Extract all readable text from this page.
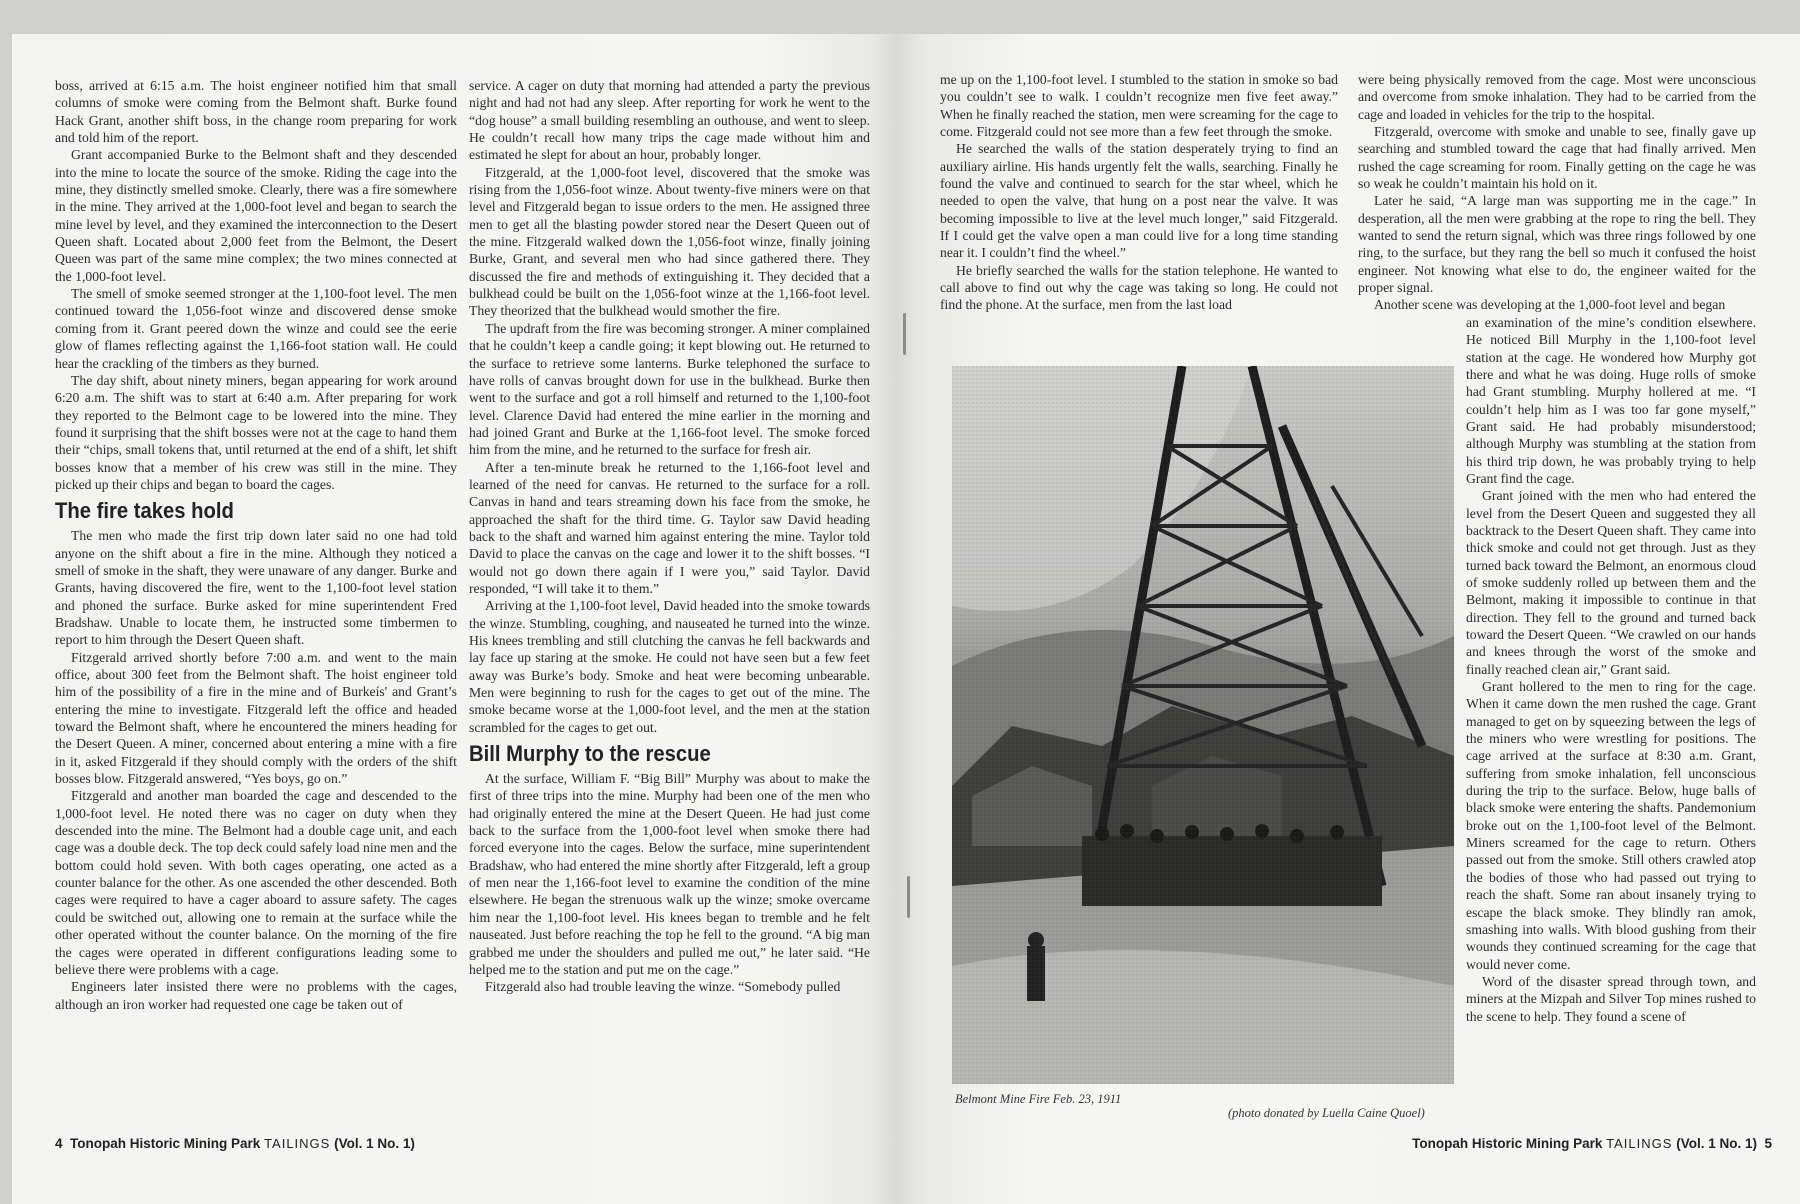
boss, arrived at 6:15 a.m. The hoist engineer notified him that small columns of smoke were coming from the Belmont shaft. Burke found Hack Grant, another shift boss, in the change room preparing for work and told him of the report.

Grant accompanied Burke to the Belmont shaft and they descended into the mine to locate the source of the smoke. Riding the cage into the mine, they distinctly smelled smoke. Clearly, there was a fire somewhere in the mine. They arrived at the 1,000-foot level and began to search the mine level by level, and they examined the interconnection to the Desert Queen shaft. Located about 2,000 feet from the Belmont, the Desert Queen was part of the same mine complex; the two mines connected at the 1,000-foot level.

The smell of smoke seemed stronger at the 1,100-foot level. The men continued toward the 1,056-foot winze and discovered dense smoke coming from it. Grant peered down the winze and could see the eerie glow of flames reflecting against the 1,166-foot station wall. He could hear the crackling of the timbers as they burned.

The day shift, about ninety miners, began appearing for work around 6:20 a.m. The shift was to start at 6:40 a.m. After preparing for work they reported to the Belmont cage to be lowered into the mine. They found it surprising that the shift bosses were not at the cage to hand them their “chips, small tokens that, until returned at the end of a shift, let shift bosses know that a member of his crew was still in the mine. They picked up their chips and began to board the cages.

The fire takes hold

The men who made the first trip down later said no one had told anyone on the shift about a fire in the mine. Although they noticed a smell of smoke in the shaft, they were unaware of any danger. Burke and Grants, having discovered the fire, went to the 1,100-foot level station and phoned the surface. Burke asked for mine superintendent Fred Bradshaw. Unable to locate them, he instructed some timbermen to report to him through the Desert Queen shaft.

Fitzgerald arrived shortly before 7:00 a.m. and went to the main office, about 300 feet from the Belmont shaft. The hoist engineer told him of the possibility of a fire in the mine and of Burkeís' and Grant’s entering the mine to investigate. Fitzgerald left the office and headed toward the Belmont shaft, where he encountered the miners heading for the Desert Queen. A miner, concerned about entering a mine with a fire in it, asked Fitzgerald if they should comply with the orders of the shift bosses blow. Fitzgerald answered, “Yes boys, go on.”

Fitzgerald and another man boarded the cage and descended to the 1,000-foot level. He noted there was no cager on duty when they descended into the mine. The Belmont had a double cage unit, and each cage was a double deck. The top deck could safely load nine men and the bottom could hold seven. With both cages operating, one acted as a counter balance for the other. As one ascended the other descended. Both cages were required to have a cager aboard to assure safety. The cages could be switched out, allowing one to remain at the surface while the other operated without the counter balance. On the morning of the fire the cages were operated in different configurations leading some to believe there were problems with a cage.

Engineers later insisted there were no problems with the cages, although an iron worker had requested one cage be taken out of

service. A cager on duty that morning had attended a party the previous night and had not had any sleep. After reporting for work he went to the “dog house” a small building resembling an outhouse, and went to sleep. He couldn’t recall how many trips the cage made without him and estimated he slept for about an hour, probably longer.

Fitzgerald, at the 1,000-foot level, discovered that the smoke was rising from the 1,056-foot winze. About twenty-five miners were on that level and Fitzgerald began to issue orders to the men. He assigned three men to get all the blasting powder stored near the Desert Queen out of the mine. Fitzgerald walked down the 1,056-foot winze, finally joining Burke, Grant, and several men who had since gathered there. They discussed the fire and methods of extinguishing it. They decided that a bulkhead could be built on the 1,056-foot winze at the 1,166-foot level. They theorized that the bulkhead would smother the fire.

The updraft from the fire was becoming stronger. A miner complained that he couldn’t keep a candle going; it kept blowing out. He returned to the surface to retrieve some lanterns. Burke telephoned the surface to have rolls of canvas brought down for use in the bulkhead. Burke then went to the surface and got a roll himself and returned to the 1,100-foot level. Clarence David had entered the mine earlier in the morning and had joined Grant and Burke at the 1,166-foot level. The smoke forced him from the mine, and he returned to the surface for fresh air.

After a ten-minute break he returned to the 1,166-foot level and learned of the need for canvas. He returned to the surface for a roll. Canvas in hand and tears streaming down his face from the smoke, he approached the shaft for the third time. G. Taylor saw David heading back to the shaft and warned him against entering the mine. Taylor told David to place the canvas on the cage and lower it to the shift bosses. “I would not go down there again if I were you,” said Taylor. David responded, “I will take it to them.”

Arriving at the 1,100-foot level, David headed into the smoke towards the winze. Stumbling, coughing, and nauseated he turned into the winze. His knees trembling and still clutching the canvas he fell backwards and lay face up staring at the smoke. He could not have seen but a few feet away was Burke’s body. Smoke and heat were becoming unbearable. Men were beginning to rush for the cages to get out of the mine. The smoke became worse at the 1,000-foot level, and the men at the station scrambled for the cages to get out.

Bill Murphy to the rescue

At the surface, William F. “Big Bill” Murphy was about to make the first of three trips into the mine. Murphy had been one of the men who had originally entered the mine at the Desert Queen. He had just come back to the surface from the 1,000-foot level when smoke there had forced everyone into the cages. Below the surface, mine superintendent Bradshaw, who had entered the mine shortly after Fitzgerald, left a group of men near the 1,166-foot level to examine the condition of the mine elsewhere. He began the strenuous walk up the winze; smoke overcame him near the 1,100-foot level. His knees began to tremble and he felt nauseated. Just before reaching the top he fell to the ground. “A big man grabbed me under the shoulders and pulled me out,” he later said. “He helped me to the station and put me on the cage.”

Fitzgerald also had trouble leaving the winze. “Somebody pulled

4 Tonopah Historic Mining Park TAILINGS (Vol. 1 No. 1)

me up on the 1,100-foot level. I stumbled to the station in smoke so bad you couldn’t see to walk. I couldn’t recognize men five feet away.” When he finally reached the station, men were screaming for the cage to come. Fitzgerald could not see more than a few feet through the smoke.

He searched the walls of the station desperately trying to find an auxiliary airline. His hands urgently felt the walls, searching. Finally he found the valve and continued to search for the star wheel, which he needed to open the valve, that hung on a post near the valve. It was becoming impossible to live at the level much longer,” said Fitzgerald. If I could get the valve open a man could live for a long time standing near it. I couldn’t find the wheel.”

He briefly searched the walls for the station telephone. He wanted to call above to find out why the cage was taking so long. He could not find the phone. At the surface, men from the last load

were being physically removed from the cage. Most were unconscious and overcome from smoke inhalation. They had to be carried from the cage and loaded in vehicles for the trip to the hospital.

Fitzgerald, overcome with smoke and unable to see, finally gave up searching and stumbled toward the cage that had finally arrived. Men rushed the cage screaming for room. Finally getting on the cage he was so weak he couldn’t maintain his hold on it.

Later he said, “A large man was supporting me in the cage.” In desperation, all the men were grabbing at the rope to ring the bell. They wanted to send the return signal, which was three rings followed by one ring, to the surface, but they rang the bell so much it confused the hoist engineer. Not knowing what else to do, the engineer waited for the proper signal.

Another scene was developing at the 1,000-foot level and began

an examination of the mine’s condition elsewhere. He noticed Bill Murphy in the 1,100-foot level station at the cage. He wondered how Murphy got there and what he was doing. Huge rolls of smoke had Grant stumbling. Murphy hollered at me. “I couldn’t help him as I was too far gone myself,” Grant said. He had probably misunderstood; although Murphy was stumbling at the station from his third trip down, he was probably trying to help Grant find the cage.

Grant joined with the men who had entered the level from the Desert Queen and suggested they all backtrack to the Desert Queen shaft. They came into thick smoke and could not get through. Just as they turned back toward the Belmont, an enormous cloud of smoke suddenly rolled up between them and the Belmont, making it impossible to continue in that direction. They fell to the ground and turned back toward the Desert Queen. “We crawled on our hands and knees through the worst of the smoke and finally reached clean air,” Grant said.

Grant hollered to the men to ring for the cage. When it came down the men rushed the cage. Grant managed to get on by squeezing between the legs of the miners who were wrestling for positions. The cage arrived at the surface at 8:30 a.m. Grant, suffering from smoke inhalation, fell unconscious during the trip to the surface. Below, huge balls of black smoke were entering the shafts. Pandemonium broke out on the 1,100-foot level of the Belmont. Miners screamed for the cage to return. Others passed out from the smoke. Still others crawled atop the bodies of those who had passed out trying to reach the shaft. Some ran about insanely trying to escape the black smoke. They blindly ran amok, smashing into walls. With blood gushing from their wounds they continued screaming for the cage that would never come.

Word of the disaster spread through town, and miners at the Mizpah and Silver Top mines rushed to the scene to help. They found a scene of

Tonopah Historic Mining Park TAILINGS (Vol. 1 No. 1) 5
Belmont Mine Fire Feb. 23, 1911
(photo donated by Luella Caine Quoel)
